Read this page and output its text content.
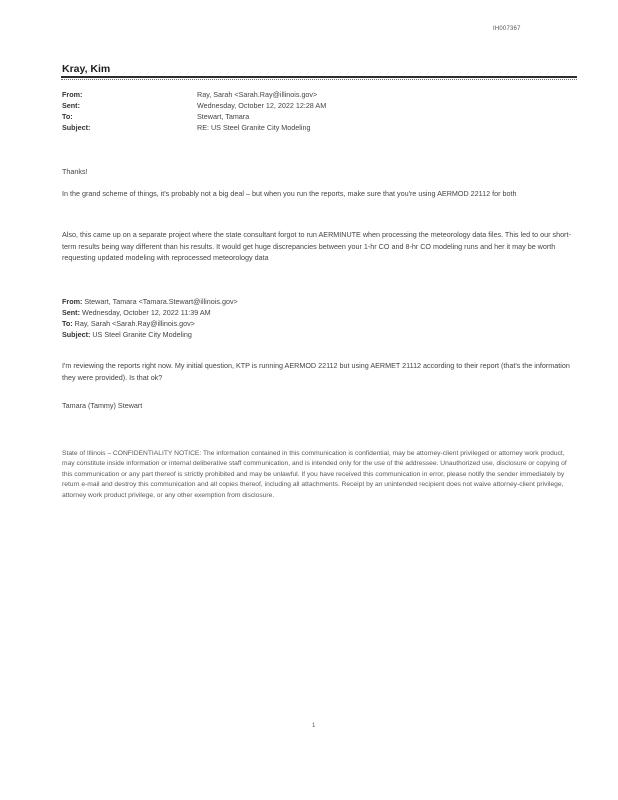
IH007367
Kray, Kim
From:	Ray, Sarah <Sarah.Ray@illinois.gov>
Sent:	Wednesday, October 12, 2022 12:28 AM
To:	Stewart, Tamara
Subject:	RE: US Steel Granite City Modeling

Thanks!

In the grand scheme of things, it's probably not a big deal – but when you run the reports, make sure that you're using AERMOD 22112 for both

Also, this came up on a separate project where the state consultant forgot to run AERMINUTE when processing the meteorology data files. This led to our short-term results being way different than his results. It would get huge discrepancies between your 1-hr CO and 8-hr CO modeling runs and her it may be worth requesting updated modeling with reprocessed meteorology data

From: Stewart, Tamara <Tamara.Stewart@illinois.gov>
Sent: Wednesday, October 12, 2022 11:39 AM
To: Ray, Sarah <Sarah.Ray@illinois.gov>
Subject: US Steel Granite City Modeling

I'm reviewing the reports right now. My initial question, KTP is running AERMOD 22112 but using AERMET 21112 according to their report (that's the information they were provided). Is that ok?

Tamara (Tammy) Stewart

State of Illinois – CONFIDENTIALITY NOTICE: The information contained in this communication is confidential, may be attorney-client privileged or attorney work product, may constitute inside information or internal deliberative staff communication, and is intended only for the use of the addressee. Unauthorized use, disclosure or copying of this communication or any part thereof is strictly prohibited and may be unlawful. If you have received this communication in error, please notify the sender immediately by return e-mail and destroy this communication and all copies thereof, including all attachments. Receipt by an unintended recipient does not waive attorney-client privilege, attorney work product privilege, or any other exemption from disclosure.
1
